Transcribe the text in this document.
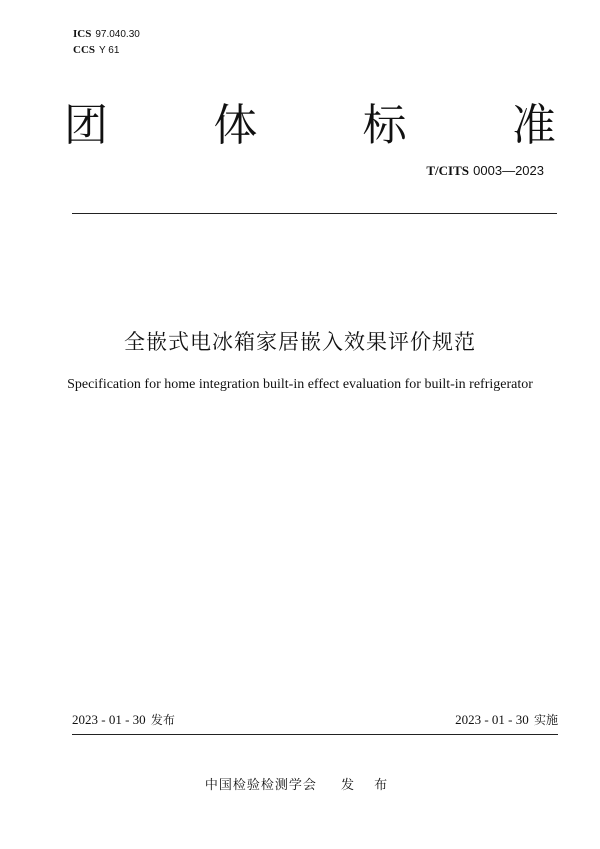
ICS 97.040.30
CCS Y 61
团 体 标 准
T/CITS 0003—2023
全嵌式电冰箱家居嵌入效果评价规范
Specification for home integration built-in effect evaluation for built-in refrigerator
2023 - 01 - 30 发布	2023 - 01 - 30 实施
中国检验检测学会 发 布
